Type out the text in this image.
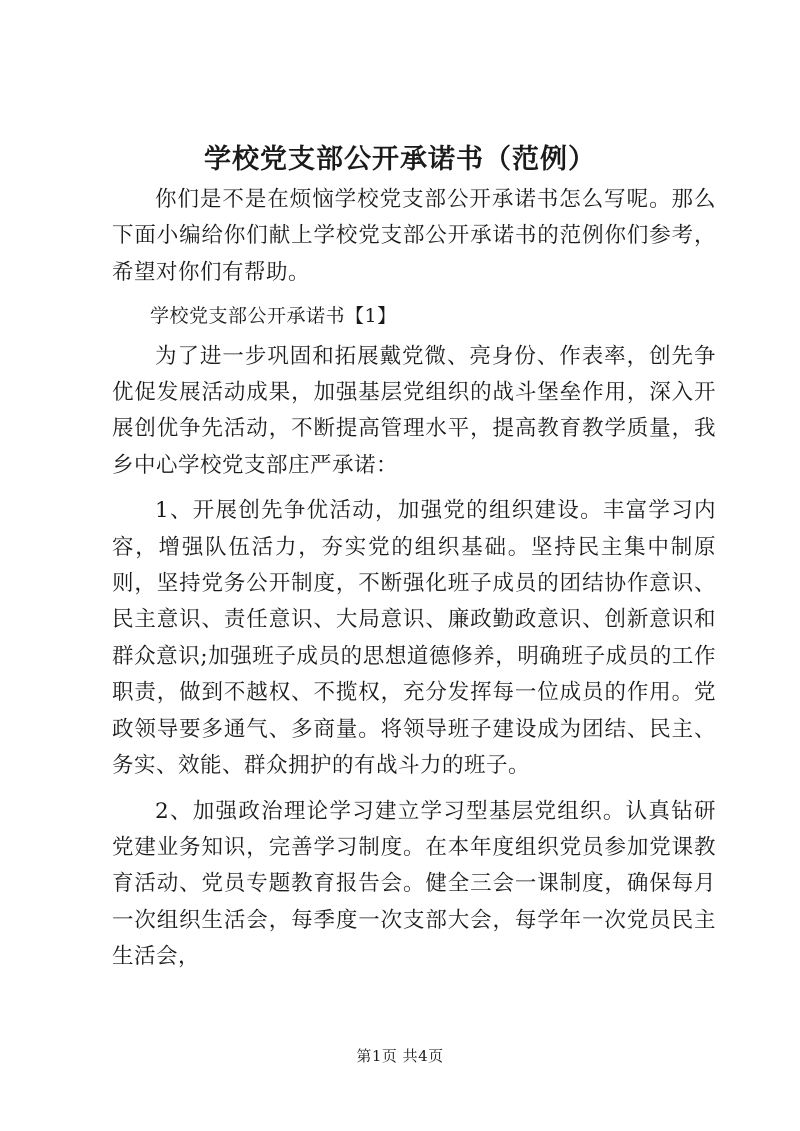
学校党支部公开承诺书（范例）

你们是不是在烦恼学校党支部公开承诺书怎么写呢。那么下面小编给你们献上学校党支部公开承诺书的范例你们参考，希望对你们有帮助。

学校党支部公开承诺书【1】

为了进一步巩固和拓展戴党微、亮身份、作表率，创先争优促发展活动成果，加强基层党组织的战斗堡垒作用，深入开展创优争先活动，不断提高管理水平，提高教育教学质量，我乡中心学校党支部庄严承诺：

1、开展创先争优活动，加强党的组织建设。丰富学习内容，增强队伍活力，夯实党的组织基础。坚持民主集中制原则，坚持党务公开制度，不断强化班子成员的团结协作意识、民主意识、责任意识、大局意识、廉政勤政意识、创新意识和群众意识;加强班子成员的思想道德修养，明确班子成员的工作职责，做到不越权、不揽权，充分发挥每一位成员的作用。党政领导要多通气、多商量。将领导班子建设成为团结、民主、务实、效能、群众拥护的有战斗力的班子。

2、加强政治理论学习建立学习型基层党组织。认真钻研党建业务知识，完善学习制度。在本年度组织党员参加党课教育活动、党员专题教育报告会。健全三会一课制度，确保每月一次组织生活会，每季度一次支部大会，每学年一次党员民主生活会，

第1页 共4页
